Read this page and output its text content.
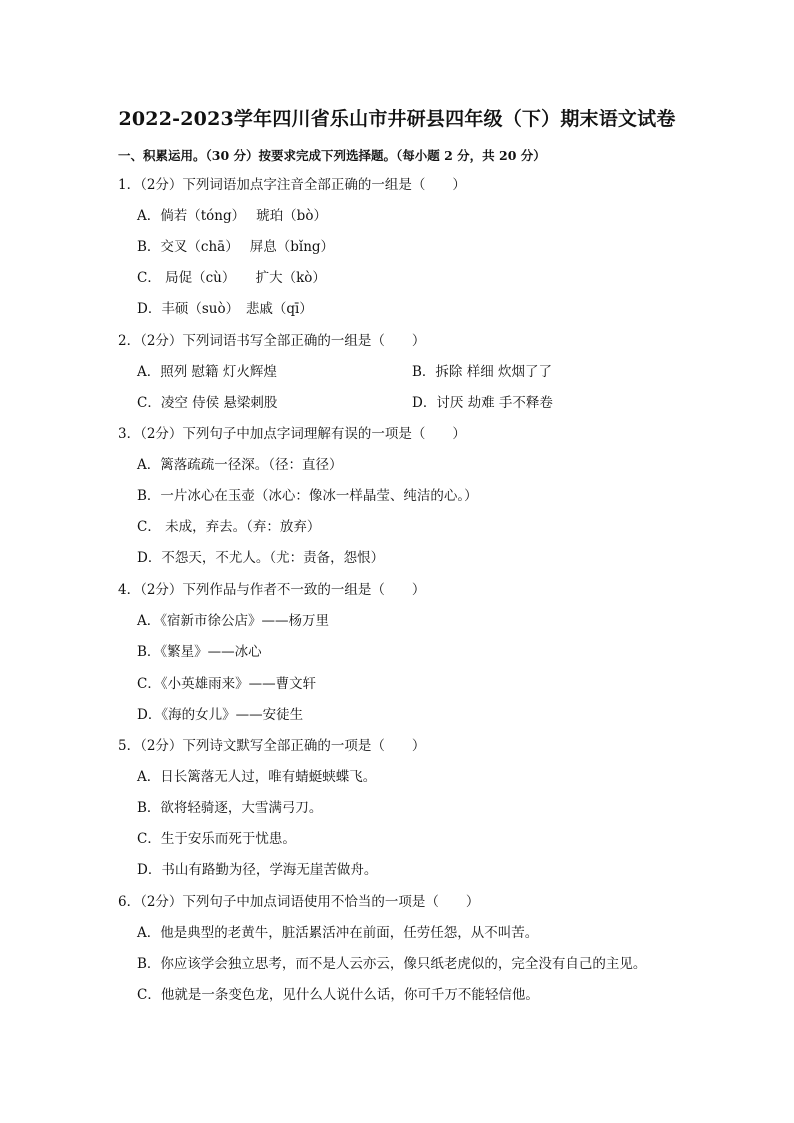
2022-2023学年四川省乐山市井研县四年级（下）期末语文试卷
一、积累运用。（30 分）按要求完成下列选择题。（每小题 2 分，共 20 分）
1．（2分）下列词语加点字注音全部正确的一组是（　　）
A．倘若（tóng）　 琥珀（bò）
B．交叉（chā）　 屏息（bǐng）
C． 局促（cù）　　扩大（kò）
D．丰硕（suò）　悲戚（qī）
2．（2分）下列词语书写全部正确的一组是（　　）
A．照列 慰籍 灯火辉煌	B．拆除 样细 炊烟了了
C．凌空 侍侯 悬梁刺股	D．讨厌 劫难 手不释卷
3．（2分）下列句子中加点字词理解有误的一项是（　　）
A．篱落疏疏一径深。（径：直径）
B．一片冰心在玉壶（冰心：像冰一样晶莹、纯洁的心。）
C． 未成，弃去。（弃：放弃）
D．不怨天，不尤人。（尤：责备，怨恨）
4．（2分）下列作品与作者不一致的一组是（　　）
A．《宿新市徐公店》——杨万里
B．《繁星》——冰心
C．《小英雄雨来》——曹文轩
D．《海的女儿》——安徒生
5．（2分）下列诗文默写全部正确的一项是（　　）
A．日长篱落无人过，唯有蜻蜓蛱蝶飞。
B．欲将轻骑逐，大雪满弓刀。
C．生于安乐而死于忧患。
D．书山有路勤为径，学海无崖苦做舟。
6．（2分）下列句子中加点词语使用不恰当的一项是（　　）
A．他是典型的老黄牛，脏活累活冲在前面，任劳任怨，从不叫苦。
B．你应该学会独立思考，而不是人云亦云，像只纸老虎似的，完全没有自己的主见。
C．他就是一条变色龙，见什么人说什么话，你可千万不能轻信他。
